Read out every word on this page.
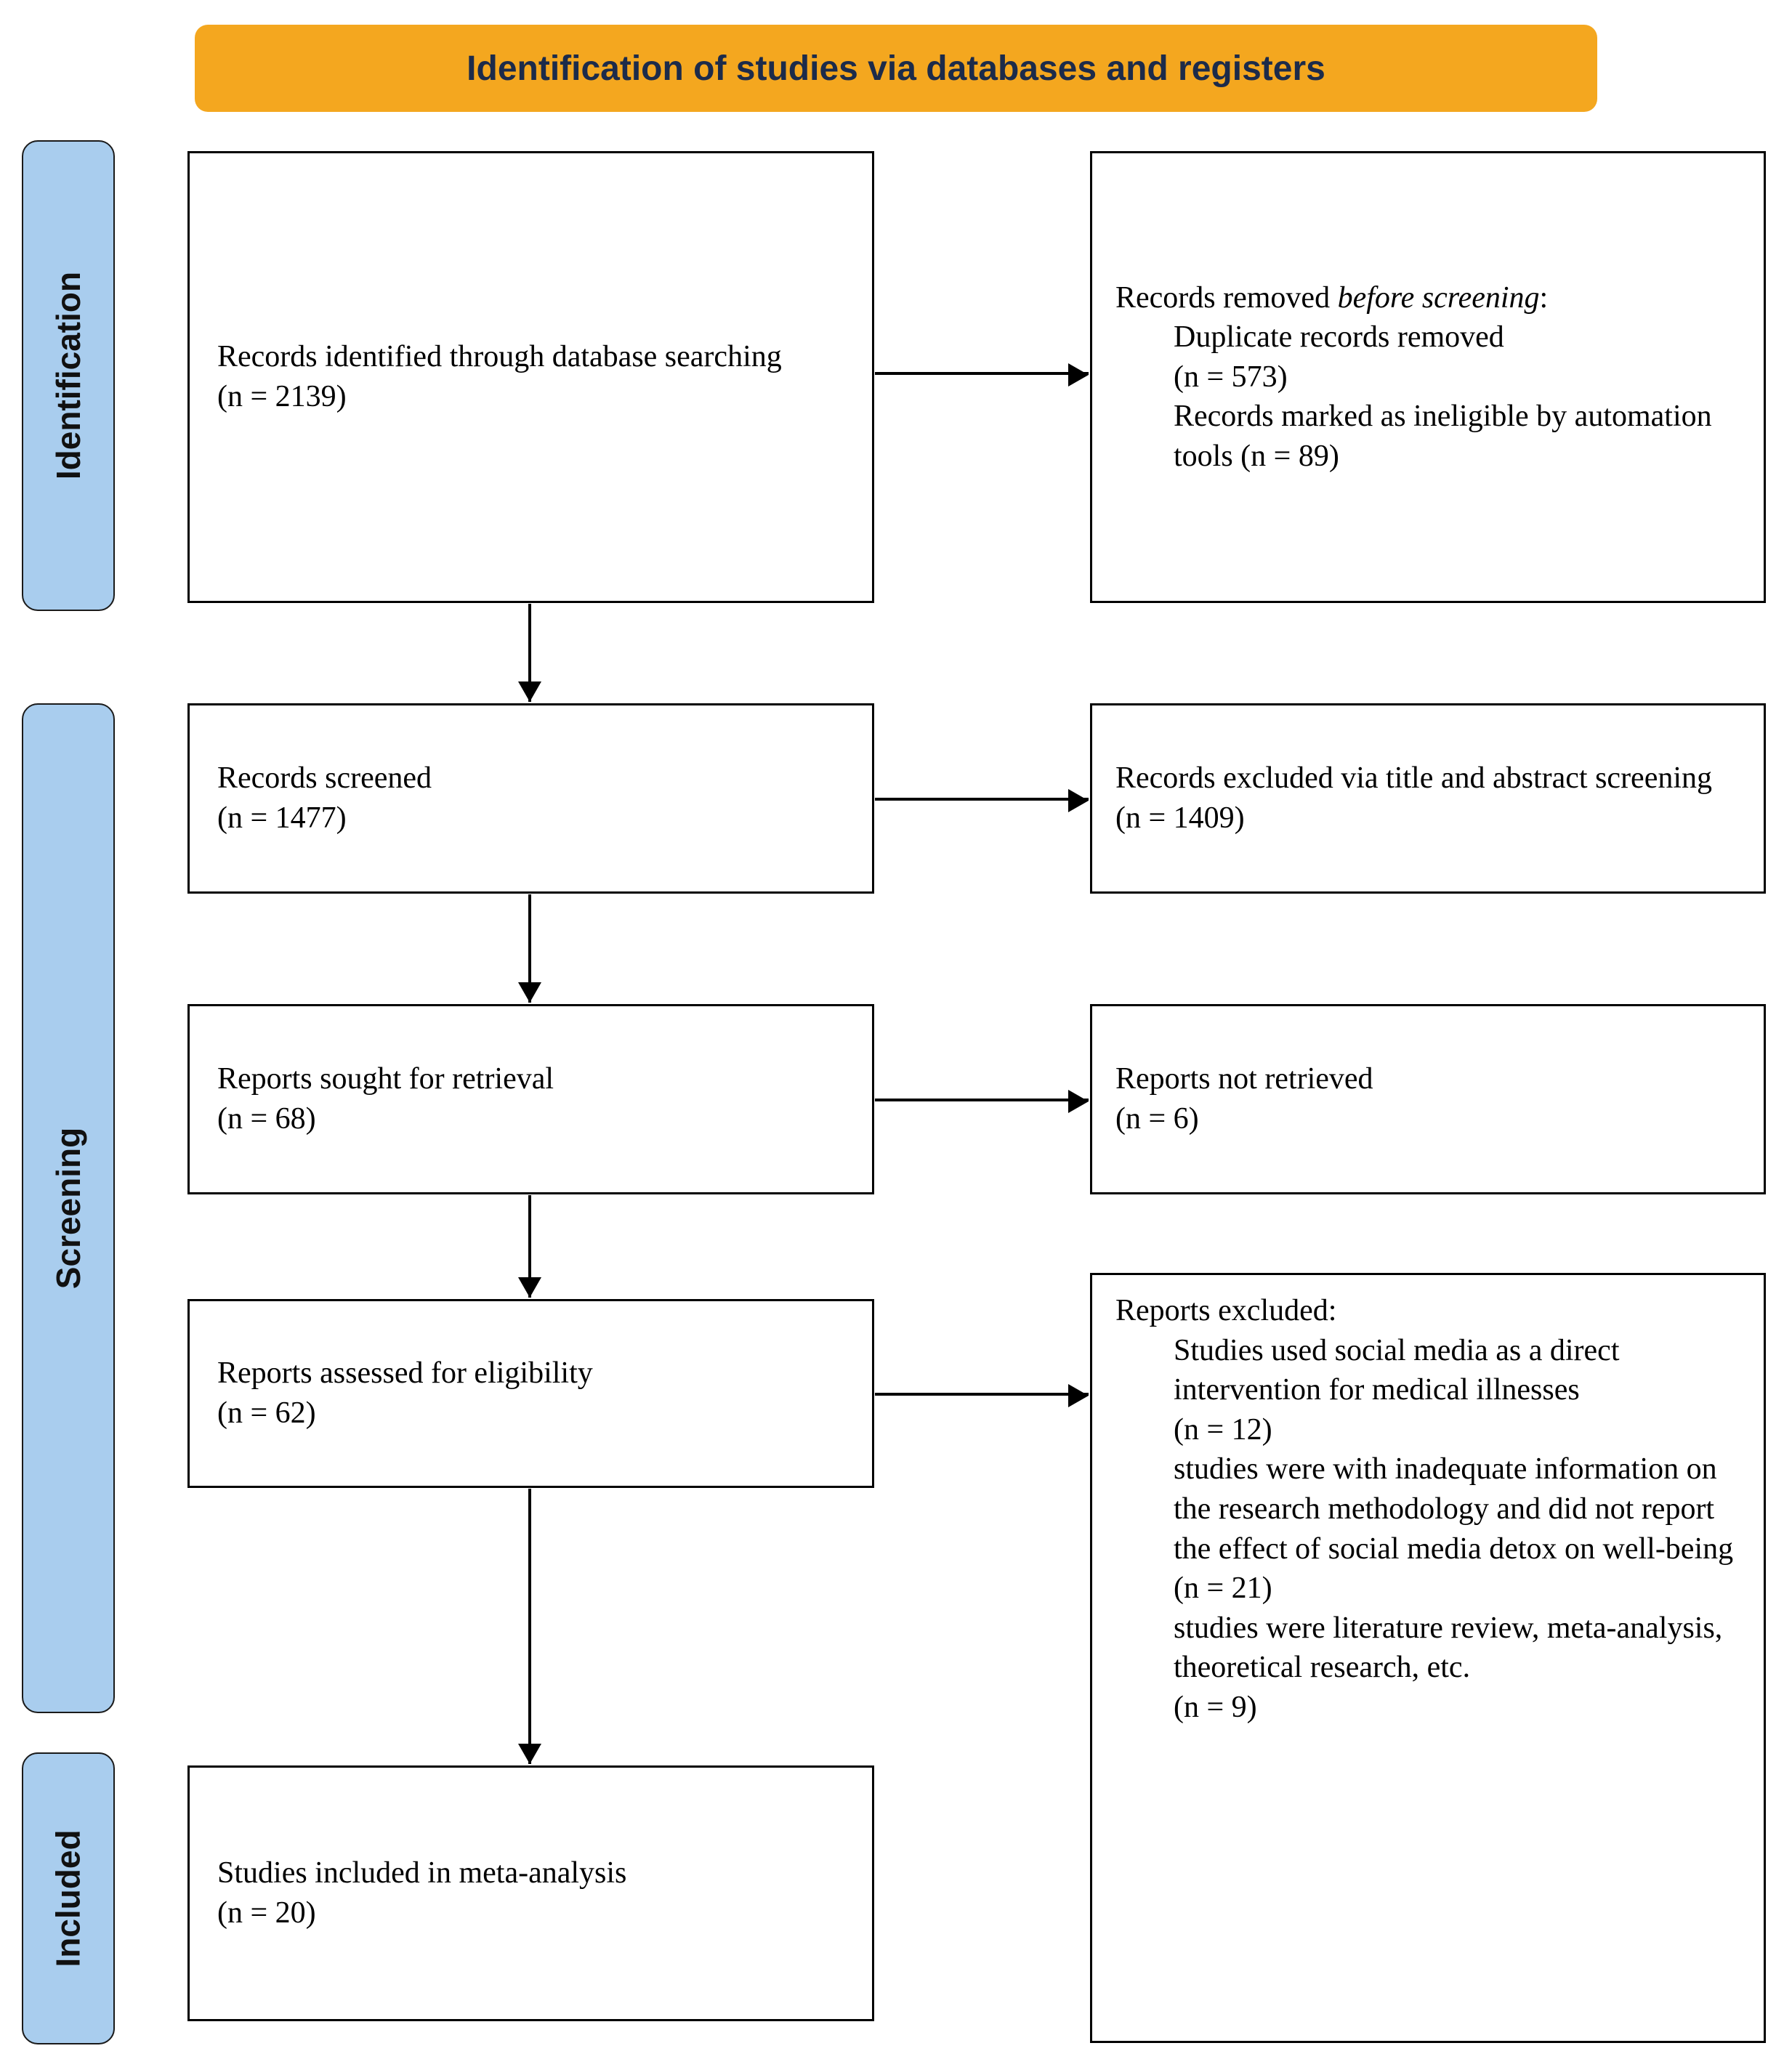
Identification of studies via databases and registers
Identification
Screening
Included
Records identified through database searching
(n = 2139)
Records screened
(n = 1477)
Reports sought for retrieval
(n = 68)
Reports assessed for eligibility
(n = 62)
Studies included in meta-analysis
(n = 20)
Records removed before screening:
Duplicate records removed
(n = 573)
Records marked as ineligible by automation tools (n = 89)
Records excluded via title and abstract screening
(n = 1409)
Reports not retrieved
(n = 6)
Reports excluded:
Studies used social media as a direct intervention for medical illnesses
(n = 12)
studies were with inadequate information on the research methodology and did not report the effect of social media detox on well-being
(n = 21)
studies were literature review, meta-analysis, theoretical research, etc.
(n = 9)
